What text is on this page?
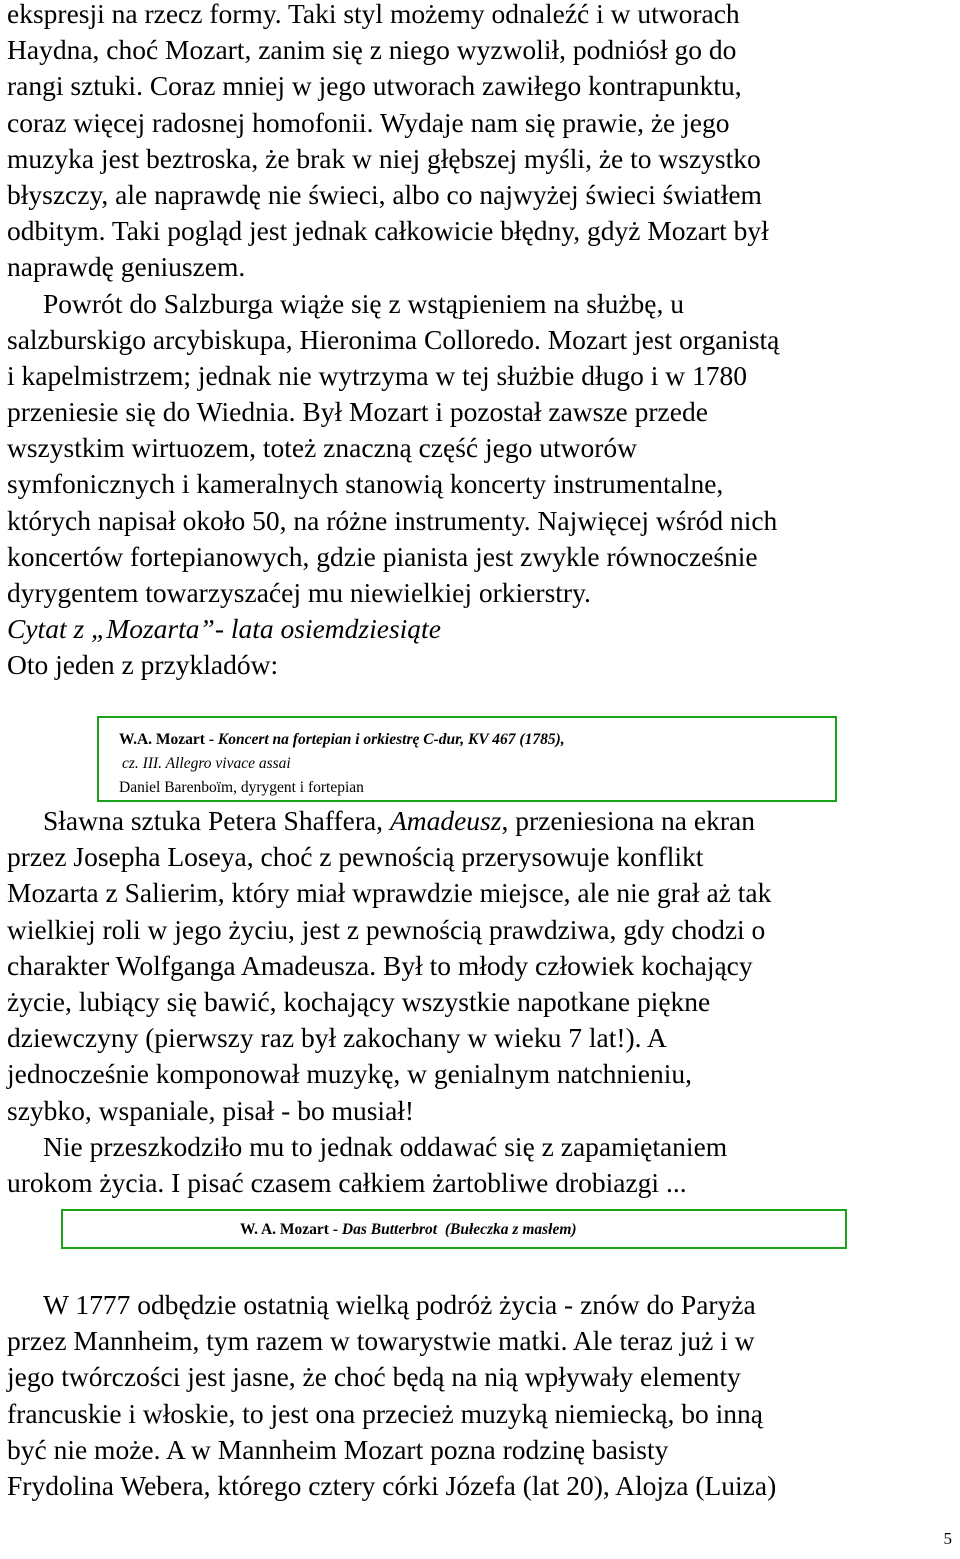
ekspresji na rzecz formy. Taki styl możemy odnaleźć i w utworach
Haydna, choć Mozart, zanim się z niego wyzwolił, podniósł go do
rangi sztuki. Coraz mniej w jego utworach zawiłego kontrapunktu,
coraz więcej radosnej homofonii. Wydaje nam się prawie, że jego
muzyka jest beztroska, że brak w niej głębszej myśli, że to wszystko
błyszczy, ale naprawdę nie świeci, albo co najwyżej świeci światłem
odbitym. Taki pogląd jest jednak całkowicie błędny, gdyż Mozart był
naprawdę geniuszem.
Powrót do Salzburga wiąże się z wstąpieniem na służbę, u
salzburskigo arcybiskupa, Hieronima Colloredo. Mozart jest organistą
i kapelmistrzem; jednak nie wytrzyma w tej służbie długo i w 1780
przeniesie się do Wiednia. Był Mozart i pozostał zawsze przede
wszystkim wirtuozem, toteż znaczną część jego utworów
symfonicznych i kameralnych stanowią koncerty instrumentalne,
których napisał około 50, na różne instrumenty. Najwięcej wśród nich
koncertów fortepianowych, gdzie pianista jest zwykle równocześnie
dyrygentem towarzyszaćej mu niewielkiej orkierstry.
Cytat z „Mozarta”- lata osiemdziesiąte
Oto jeden z przykladów:
W.A. Mozart - Koncert na fortepian i orkiestrę C-dur, KV 467 (1785),
cz. III. Allegro vivace assai
Daniel Barenboïm, dyrygent i fortepian
Sławna sztuka Petera Shaffera, Amadeusz, przeniesiona na ekran
przez Josepha Loseya, choć z pewnością przerysowuje konflikt
Mozarta z Salierim, który miał wprawdzie miejsce, ale nie grał aż tak
wielkiej roli w jego życiu, jest z pewnością prawdziwa, gdy chodzi o
charakter Wolfganga Amadeusza. Był to młody człowiek kochający
życie, lubiący się bawić, kochający wszystkie napotkane piękne
dziewczyny (pierwszy raz był zakochany w wieku 7 lat!). A
jednocześnie komponował muzykę, w genialnym natchnieniu,
szybko, wspaniale, pisał - bo musiał!
Nie przeszkodziło mu to jednak oddawać się z zapamiętaniem
urokom życia. I pisać czasem całkiem żartobliwe drobiazgi ...
W. A. Mozart - Das Butterbrot (Bułeczka z masłem)
W 1777 odbędzie ostatnią wielką podróż życia - znów do Paryża
przez Mannheim, tym razem w towarystwie matki. Ale teraz już i w
jego twórczości jest jasne, że choć będą na nią wpływały elementy
francuskie i włoskie, to jest ona przecież muzyką niemiecką, bo inną
być nie może. A w Mannheim Mozart pozna rodzinę basisty
Frydolina Webera, którego cztery córki Józefa (lat 20), Alojza (Luiza)
5
